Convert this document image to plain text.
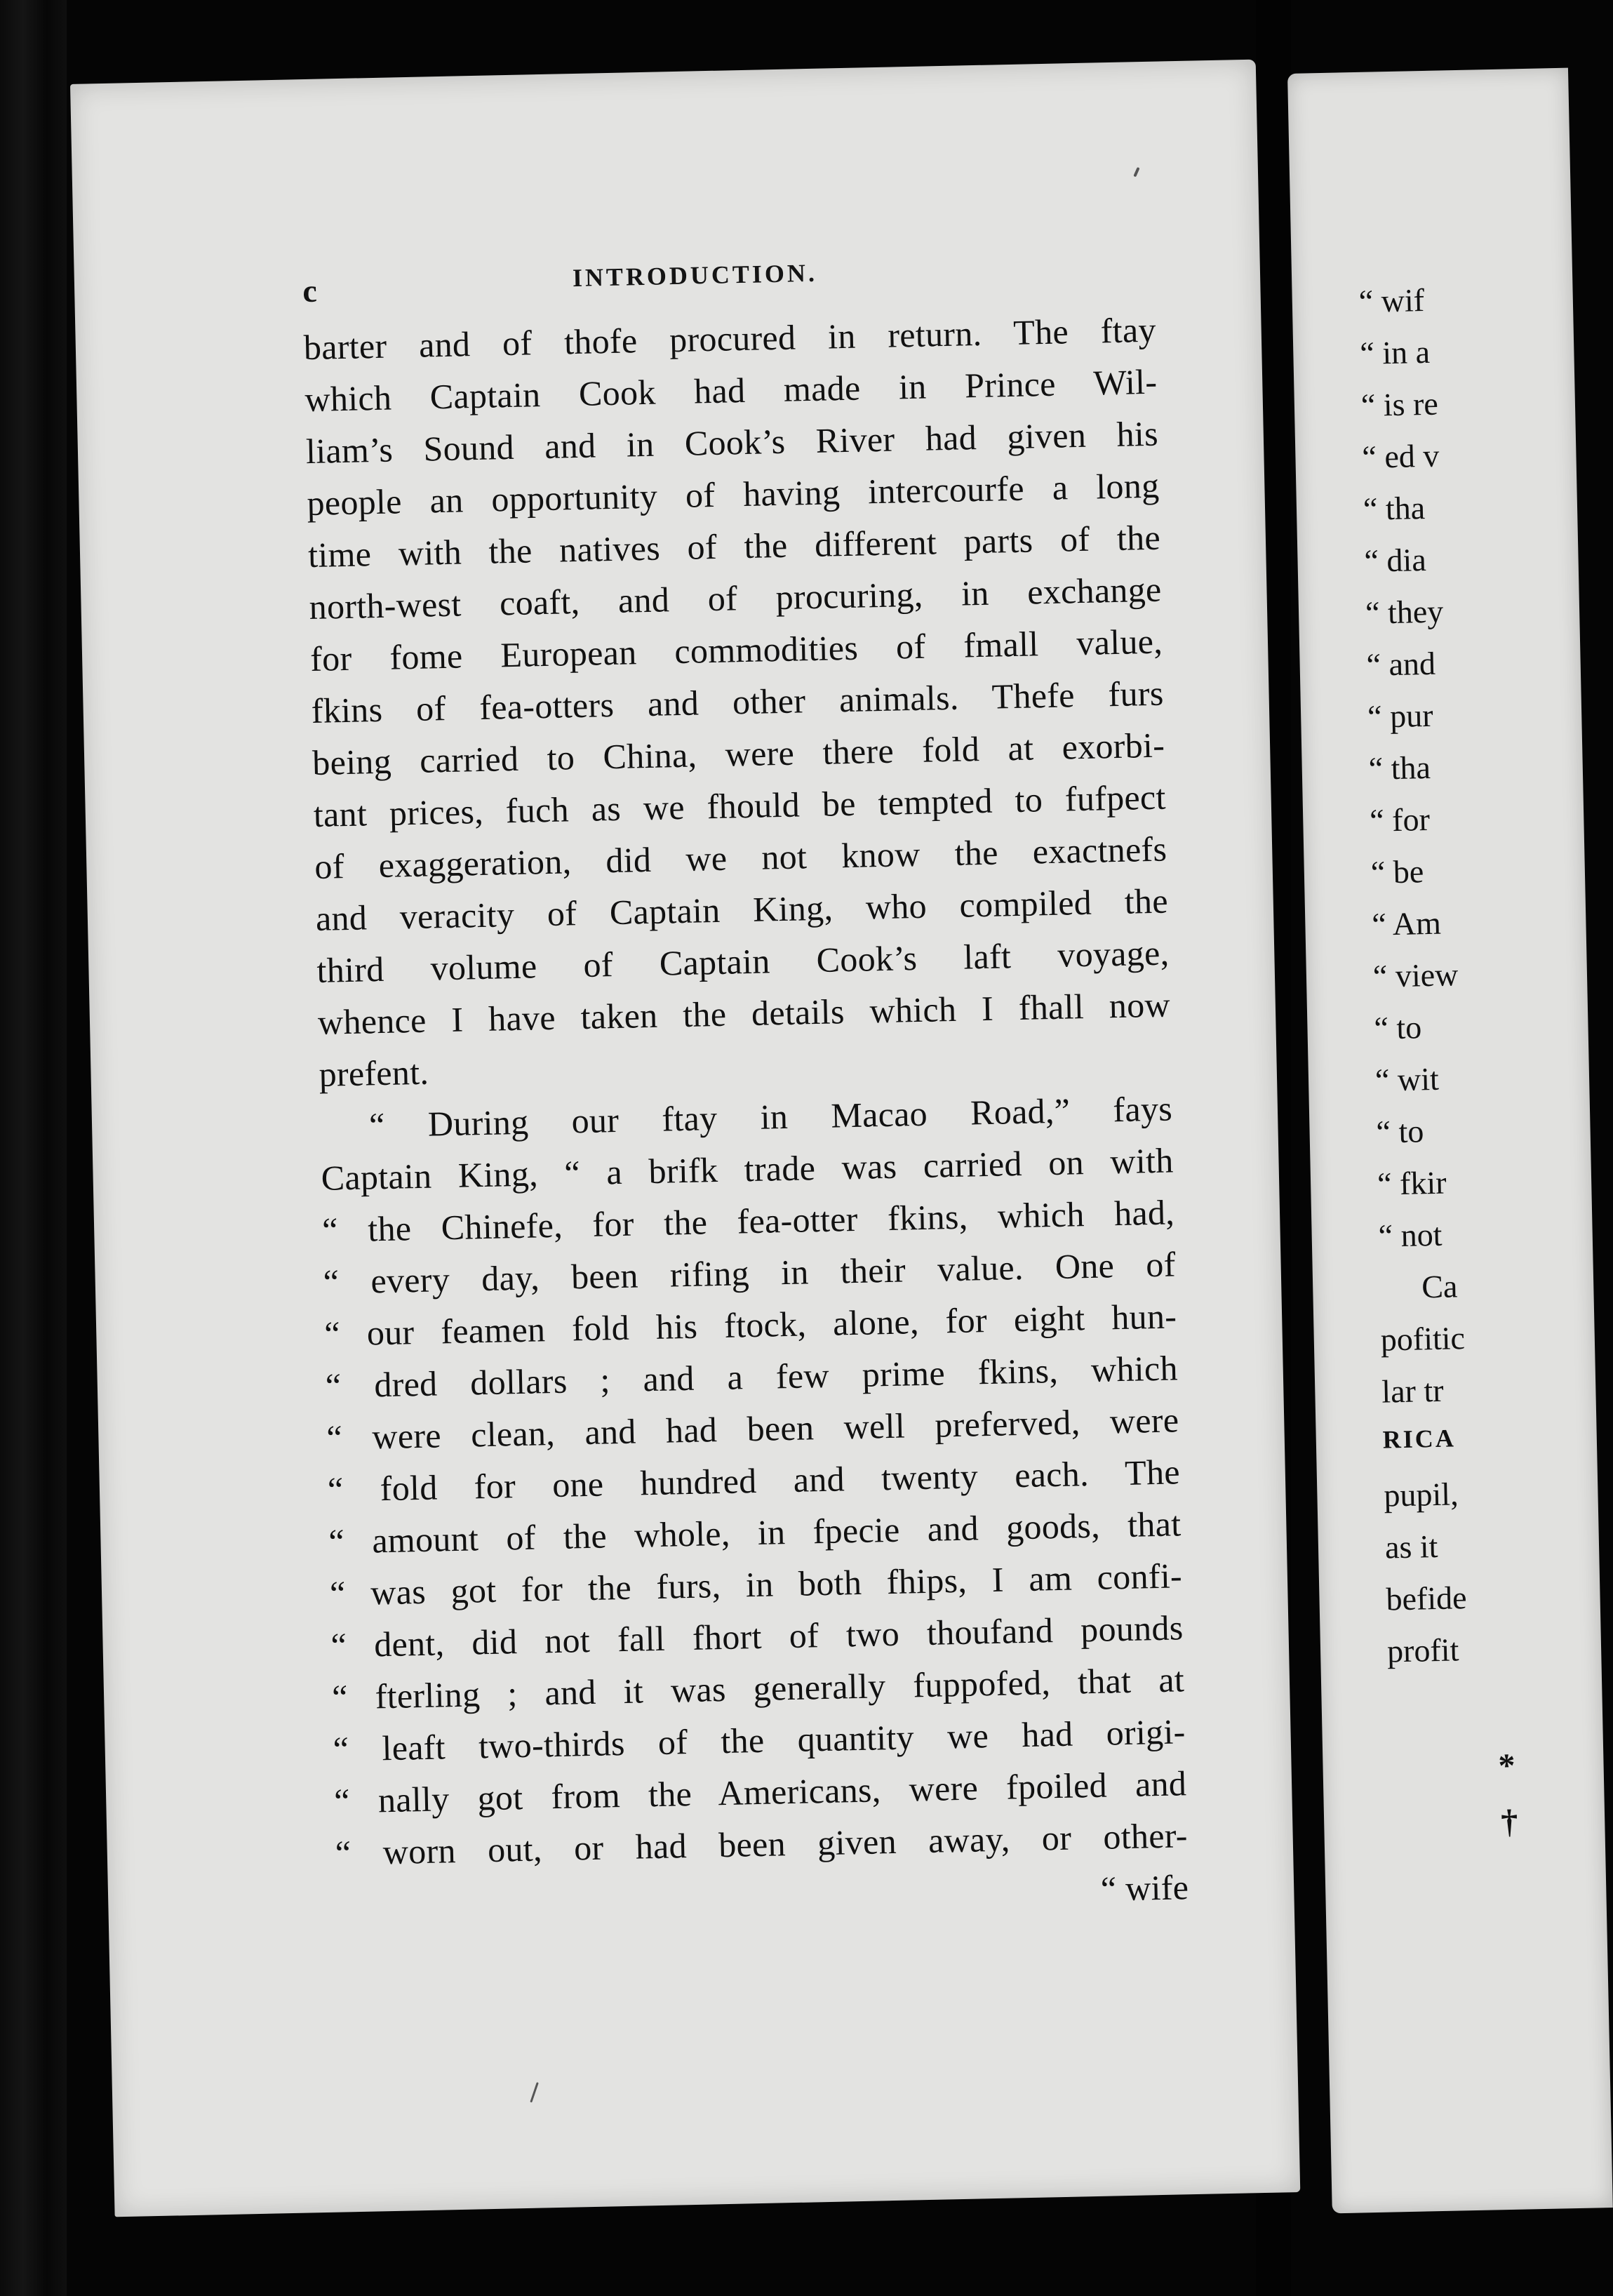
c	INTRODUCTION.
barter and of thofe procured in return. The ftay
which Captain Cook had made in Prince Wil-
liam’s Sound and in Cook’s River had given his
people an opportunity of having intercourfe a long
time with the natives of the different parts of the
north-west coaft, and of procuring, in exchange
for fome European commodities of fmall value,
fkins of fea-otters and other animals. Thefe furs
being carried to China, were there fold at exorbi-
tant prices, fuch as we fhould be tempted to fufpect
of exaggeration, did we not know the exactnefs
and veracity of Captain King, who compiled the
third volume of Captain Cook’s laft voyage,
whence I have taken the details which I fhall now
prefent.
“ During our ftay in Macao Road,” fays
Captain King, “ a brifk trade was carried on with
“ the Chinefe, for the fea-otter fkins, which had,
“ every day, been rifing in their value. One of
“ our feamen fold his ftock, alone, for eight hun-
“ dred dollars ; and a few prime fkins, which
“ were clean, and had been well preferved, were
“ fold for one hundred and twenty each. The
“ amount of the whole, in fpecie and goods, that
“ was got for the furs, in both fhips, I am confi-
“ dent, did not fall fhort of two thoufand pounds
“ fterling ; and it was generally fuppofed, that at
“ leaft two-thirds of the quantity we had origi-
“ nally got from the Americans, were fpoiled and
“ worn out, or had been given away, or other-
“ wife
“ wif
“ in a
“ is re
“ ed v
“ tha
“ dia
“ they
“ and
“ pur
“ tha
“ for
“ be
“ Am
“ view
“ to
“ wit
“ to
“ fkir
“ not
Ca
pofitic
lar tr
RICA
pupil,
as it
befide
profit
*
†
